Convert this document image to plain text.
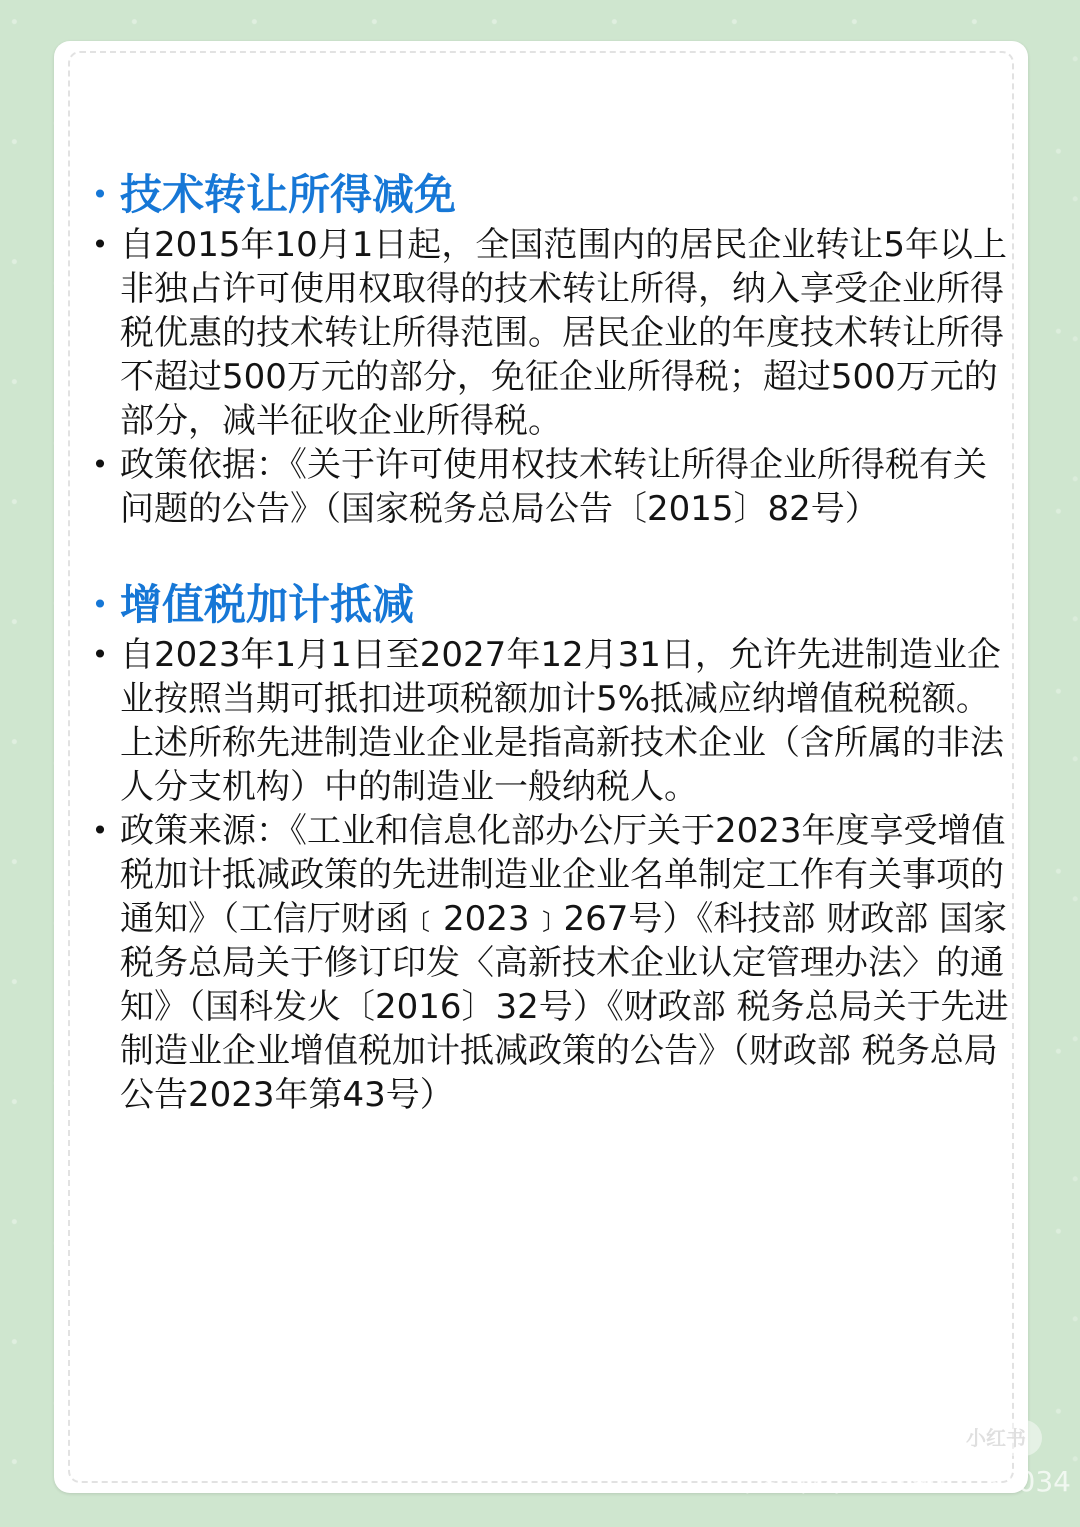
• 技术转让所得减免
• 自2015年10月1日起，全国范围内的居民企业转让5年以上非独占许可使用权取得的技术转让所得，纳入享受企业所得税优惠的技术转让所得范围。居民企业的年度技术转让所得不超过500万元的部分，免征企业所得税；超过500万元的部分，减半征收企业所得税。
• 政策依据：《关于许可使用权技术转让所得企业所得税有关问题的公告》（国家税务总局公告〔2015〕82号）
• 增值税加计抵减
• 自2023年1月1日至2027年12月31日，允许先进制造业企业按照当期可抵扣进项税额加计5%抵减应纳增值税税额。
上述所称先进制造业企业是指高新技术企业（含所属的非法人分支机构）中的制造业一般纳税人。
• 政策来源：《工业和信息化部办公厅关于2023年度享受增值税加计抵减政策的先进制造业企业名单制定工作有关事项的通知》（工信厅财函﹝2023﹞267号）《科技部 财政部 国家税务总局关于修订印发〈高新技术企业认定管理办法〉的通知》（国科发火〔2016〕32号）《财政部 税务总局关于先进制造业企业增值税加计抵减政策的公告》（财政部 税务总局公告2023年第43号）
小红书
小红书号：81900031034
